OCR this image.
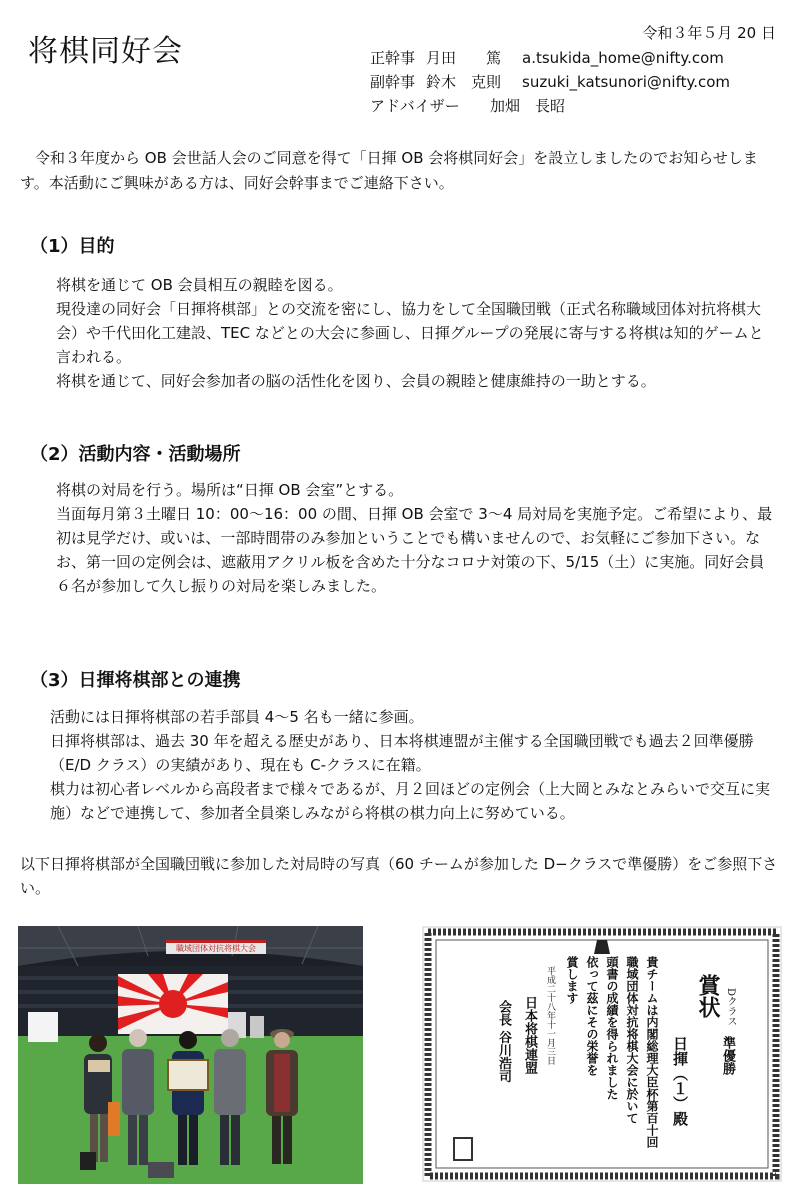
将棋同好会
令和３年５月 20 日
正幹事 月田　　篤	a.tsukida_home@nifty.com
副幹事 鈴木　克則	suzuki_katsunori@nifty.com
アドバイザー	加畑　長昭

令和３年度から OB 会世話人会のご同意を得て「日揮 OB 会将棋同好会」を設立しましたのでお知らせします。本活動にご興味がある方は、同好会幹事までご連絡下さい。

（1）目的

将棋を通じて OB 会員相互の親睦を図る。

現役達の同好会「日揮将棋部」との交流を密にし、協力をして全国職団戦（正式名称職域団体対抗将棋大会）や千代田化工建設、TEC などとの大会に参画し、日揮グループの発展に寄与する将棋は知的ゲームと言われる。

将棋を通じて、同好会参加者の脳の活性化を図り、会員の親睦と健康維持の一助とする。

（2）活動内容・活動場所

将棋の対局を行う。場所は“日揮 OB 会室”とする。

当面毎月第３土曜日 10：00〜16：00 の間、日揮 OB 会室で 3〜4 局対局を実施予定。ご希望により、最初は見学だけ、或いは、一部時間帯のみ参加ということでも構いませんので、お気軽にご参加下さい。なお、第一回の定例会は、遮蔽用アクリル板を含めた十分なコロナ対策の下、5/15（土）に実施。同好会員６名が参加して久し振りの対局を楽しみました。

（3）日揮将棋部との連携

活動には日揮将棋部の若手部員 4〜5 名も一緒に参画。

日揮将棋部は、過去 30 年を超える歴史があり、日本将棋連盟が主催する全国職団戦でも過去２回準優勝（E/D クラス）の実績があり、現在も C-クラスに在籍。

棋力は初心者レベルから高段者まで様々であるが、月２回ほどの定例会（上大岡とみなとみらいで交互に実施）などで連携して、参加者全員楽しみながら将棋の棋力向上に努めている。

以下日揮将棋部が全国職団戦に参加した対局時の写真（60 チームが参加した D−クラスで準優勝）をご参照下さい。

職域団体対抗将棋大会
Dクラス
賞状
準優勝
日揮（１）殿
貴チームは内閣総理大臣杯第百十回
職域団体対抗将棋大会に於いて
頭書の成績を得られました
依って茲にその栄誉を
賞します
平成二十八年十一月三日
日本将棋連盟
会長 谷川浩司
